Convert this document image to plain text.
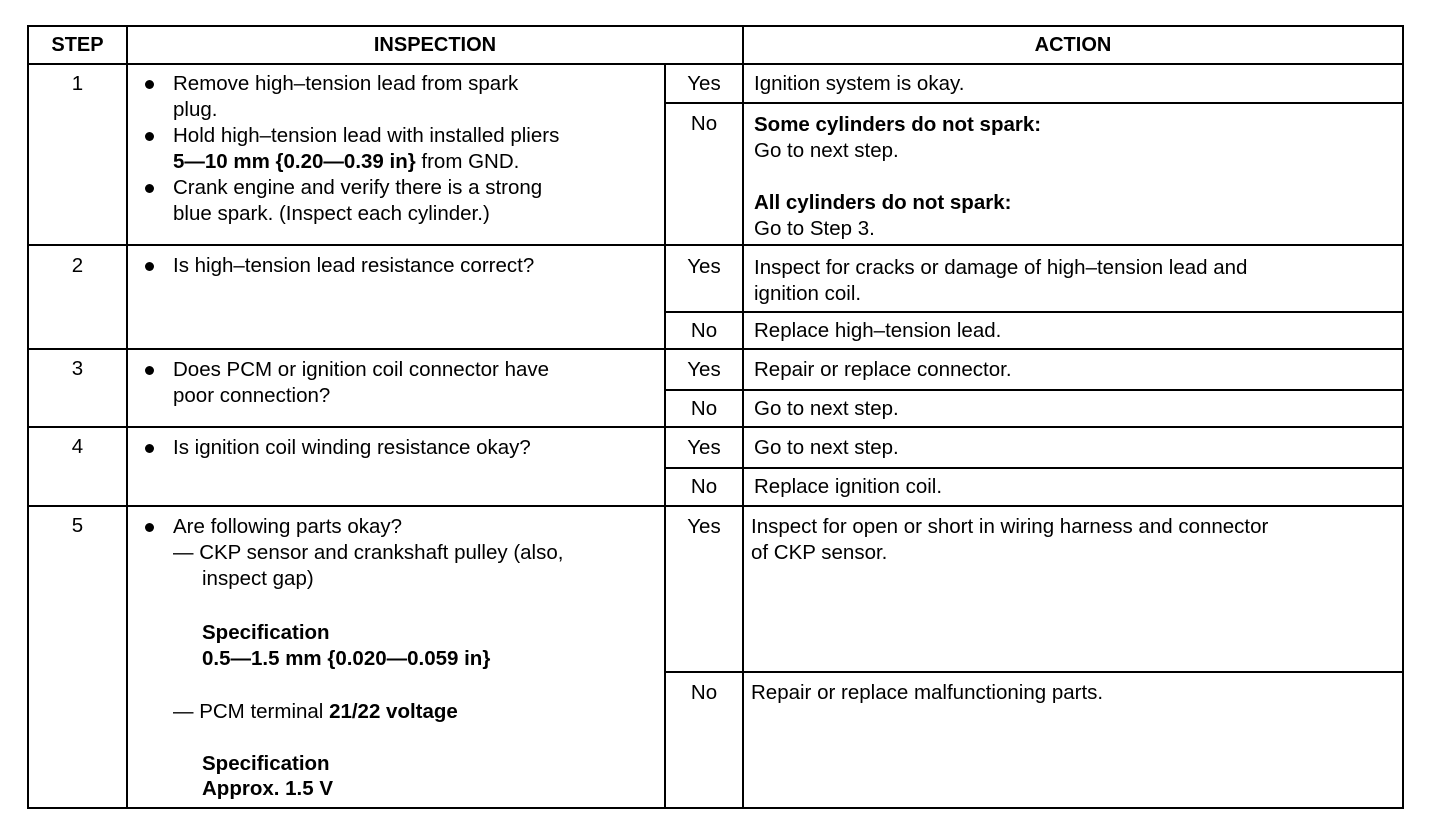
STEP	INSPECTION	ACTION
1	Remove high–tension lead from spark
plug.
Hold high–tension lead with installed pliers
5—10 mm {0.20—0.39 in} from GND.
Crank engine and verify there is a strong
blue spark. (Inspect each cylinder.)
Yes	Ignition system is okay.
No	Some cylinders do not spark:
Go to next step.
All cylinders do not spark:
Go to Step 3.
2	Is high–tension lead resistance correct?	Yes	Inspect for cracks or damage of high–tension lead and
ignition coil.
No	Replace high–tension lead.
3	Does PCM or ignition coil connector have
poor connection?
Yes	Repair or replace connector.
No	Go to next step.
4	Is ignition coil winding resistance okay?	Yes	Go to next step.
No	Replace ignition coil.
5	Are following parts okay?
— CKP sensor and crankshaft pulley (also,
inspect gap)
Specification
0.5—1.5 mm {0.020—0.059 in}
— PCM terminal 21/22 voltage
Specification
Approx. 1.5 V
Yes	Inspect for open or short in wiring harness and connector
of CKP sensor.
No	Repair or replace malfunctioning parts.
